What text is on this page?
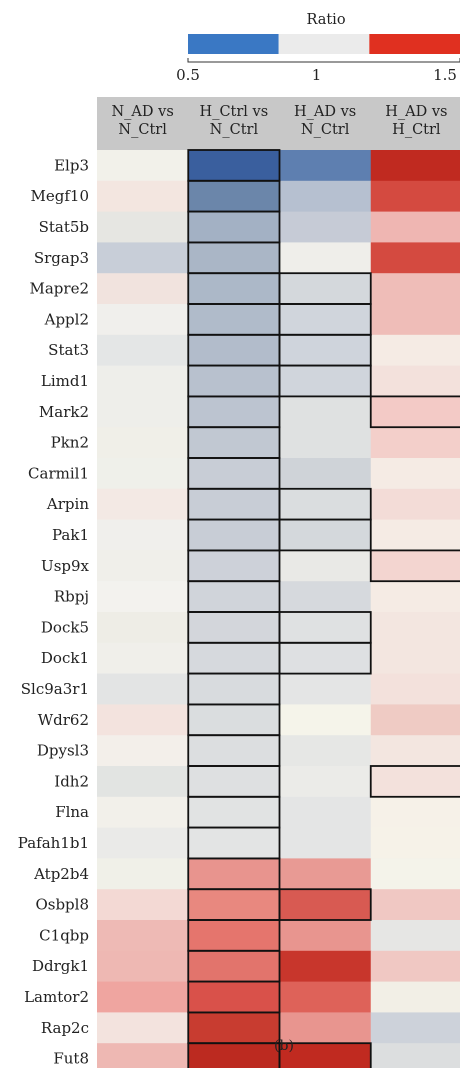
Ratio
0.5	1	1.5
N_AD vs
N_Ctrl
H_Ctrl vs
N_Ctrl
H_AD vs
N_Ctrl
H_AD vs
H_Ctrl
Elp3
Megf10
Stat5b
Srgap3
Mapre2
Appl2
Stat3
Limd1
Mark2
Pkn2
Carmil1
Arpin
Pak1
Usp9x
Rbpj
Dock5
Dock1
Slc9a3r1
Wdr62
Dpysl3
Idh2
Flna
Pafah1b1
Atp2b4
Osbpl8
C1qbp
Ddrgk1
Lamtor2
Rap2c
Fut8
(b)
